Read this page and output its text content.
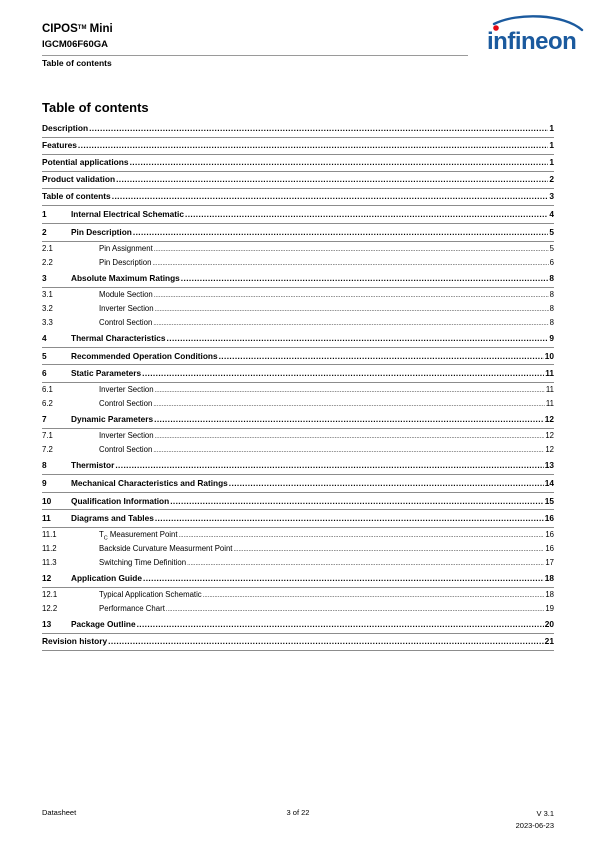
CIPOS™ Mini
IGCM06F60GA
Table of contents
infineon
Table of contents
Description .....	1
Features .....	1
Potential applications .....	1
Product validation .....	2
Table of contents .....	3
1	Internal Electrical Schematic .....	4
2	Pin Description .....	5
2.1	Pin Assignment .....	5
2.2	Pin Description .....	6
3	Absolute Maximum Ratings .....	8
3.1	Module Section .....	8
3.2	Inverter Section .....	8
3.3	Control Section .....	8
4	Thermal Characteristics .....	9
5	Recommended Operation Conditions .....	10
6	Static Parameters .....	11
6.1	Inverter Section .....	11
6.2	Control Section .....	11
7	Dynamic Parameters .....	12
7.1	Inverter Section .....	12
7.2	Control Section .....	12
8	Thermistor .....	13
9	Mechanical Characteristics and Ratings .....	14
10	Qualification Information .....	15
11	Diagrams and Tables .....	16
11.1	$T_C$ Measurement Point .....	16
11.2	Backside Curvature Measurment Point .....	16
11.3	Switching Time Definition .....	17
12	Application Guide .....	18
12.1	Typical Application Schematic .....	18
12.2	Performance Chart .....	19
13	Package Outline .....	20
Revision history .....	21
Datasheet	3 of 22	V 3.1
2023-06-23
